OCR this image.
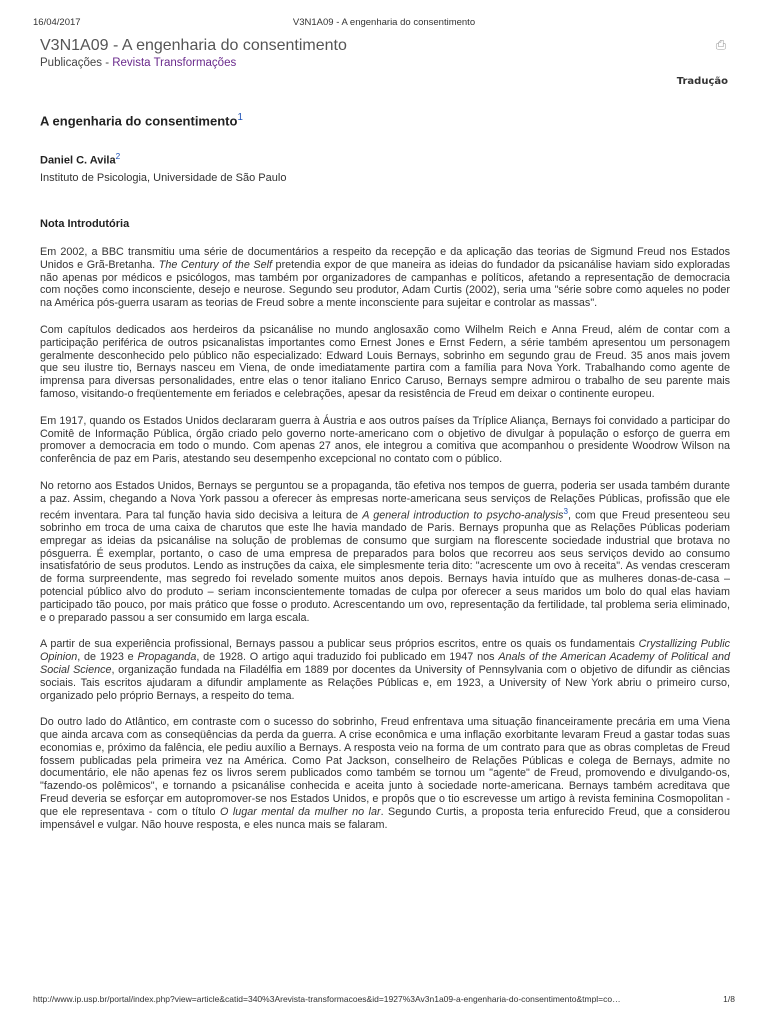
16/04/2017	V3N1A09 - A engenharia do consentimento
V3N1A09 - A engenharia do consentimento	⎙
Publicações - Revista Transformações
Tradução
A engenharia do consentimento$^1$
Daniel C. Avila$^2$
Instituto de Psicologia, Universidade de São Paulo
Nota Introdutória

Em 2002, a BBC transmitiu uma série de documentários a respeito da recepção e da aplicação das teorias de Sigmund Freud nos Estados Unidos e Grã-Bretanha. The Century of the Self pretendia expor de que maneira as ideias do fundador da psicanálise haviam sido exploradas não apenas por médicos e psicólogos, mas também por organizadores de campanhas e políticos, afetando a representação de democracia com noções como inconsciente, desejo e neurose. Segundo seu produtor, Adam Curtis (2002), seria uma "série sobre como aqueles no poder na América pós-guerra usaram as teorias de Freud sobre a mente inconsciente para sujeitar e controlar as massas".

Com capítulos dedicados aos herdeiros da psicanálise no mundo anglosaxão como Wilhelm Reich e Anna Freud, além de contar com a participação periférica de outros psicanalistas importantes como Ernest Jones e Ernst Federn, a série também apresentou um personagem geralmente desconhecido pelo público não especializado: Edward Louis Bernays, sobrinho em segundo grau de Freud. 35 anos mais jovem que seu ilustre tio, Bernays nasceu em Viena, de onde imediatamente partira com a família para Nova York. Trabalhando como agente de imprensa para diversas personalidades, entre elas o tenor italiano Enrico Caruso, Bernays sempre admirou o trabalho de seu parente mais famoso, visitando-o freqüentemente em feriados e celebrações, apesar da resistência de Freud em deixar o continente europeu.

Em 1917, quando os Estados Unidos declararam guerra à Áustria e aos outros países da Tríplice Aliança, Bernays foi convidado a participar do Comitê de Informação Pública, órgão criado pelo governo norte-americano com o objetivo de divulgar à população o esforço de guerra em promover a democracia em todo o mundo. Com apenas 27 anos, ele integrou a comitiva que acompanhou o presidente Woodrow Wilson na conferência de paz em Paris, atestando seu desempenho excepcional no contato com o público.

No retorno aos Estados Unidos, Bernays se perguntou se a propaganda, tão efetiva nos tempos de guerra, poderia ser usada também durante a paz. Assim, chegando a Nova York passou a oferecer às empresas norte-americana seus serviços de Relações Públicas, profissão que ele recém inventara. Para tal função havia sido decisiva a leitura de A general introduction to psycho-analysis$^3$, com que Freud presenteou seu sobrinho em troca de uma caixa de charutos que este lhe havia mandado de Paris. Bernays propunha que as Relações Públicas poderiam empregar as ideias da psicanálise na solução de problemas de consumo que surgiam na florescente sociedade industrial que brotava no pósguerra. É exemplar, portanto, o caso de uma empresa de preparados para bolos que recorreu aos seus serviços devido ao consumo insatisfatório de seus produtos. Lendo as instruções da caixa, ele simplesmente teria dito: "acrescente um ovo à receita". As vendas cresceram de forma surpreendente, mas segredo foi revelado somente muitos anos depois. Bernays havia intuído que as mulheres donas-de-casa – potencial público alvo do produto – seriam inconscientemente tomadas de culpa por oferecer a seus maridos um bolo do qual elas haviam participado tão pouco, por mais prático que fosse o produto. Acrescentando um ovo, representação da fertilidade, tal problema seria eliminado, e o preparado passou a ser consumido em larga escala.

A partir de sua experiência profissional, Bernays passou a publicar seus próprios escritos, entre os quais os fundamentais Crystallizing Public Opinion, de 1923 e Propaganda, de 1928. O artigo aqui traduzido foi publicado em 1947 nos Anals of the American Academy of Political and Social Science, organização fundada na Filadélfia em 1889 por docentes da University of Pennsylvania com o objetivo de difundir as ciências sociais. Tais escritos ajudaram a difundir amplamente as Relações Públicas e, em 1923, a University of New York abriu o primeiro curso, organizado pelo próprio Bernays, a respeito do tema.

Do outro lado do Atlântico, em contraste com o sucesso do sobrinho, Freud enfrentava uma situação financeiramente precária em uma Viena que ainda arcava com as conseqüências da perda da guerra. A crise econômica e uma inflação exorbitante levaram Freud a gastar todas suas economias e, próximo da falência, ele pediu auxílio a Bernays. A resposta veio na forma de um contrato para que as obras completas de Freud fossem publicadas pela primeira vez na América. Como Pat Jackson, conselheiro de Relações Públicas e colega de Bernays, admite no documentário, ele não apenas fez os livros serem publicados como também se tornou um "agente" de Freud, promovendo e divulgando-os, "fazendo-os polêmicos", e tornando a psicanálise conhecida e aceita junto à sociedade norte-americana. Bernays também acreditava que Freud deveria se esforçar em autopromover-se nos Estados Unidos, e propôs que o tio escrevesse um artigo à revista feminina Cosmopolitan - que ele representava - com o título O lugar mental da mulher no lar. Segundo Curtis, a proposta teria enfurecido Freud, que a considerou impensável e vulgar. Não houve resposta, e eles nunca mais se falaram.

http://www.ip.usp.br/portal/index.php?view=article&catid=340%3Arevista-transformacoes&id=1927%3Av3n1a09-a-engenharia-do-consentimento&tmpl=co…	1/8
